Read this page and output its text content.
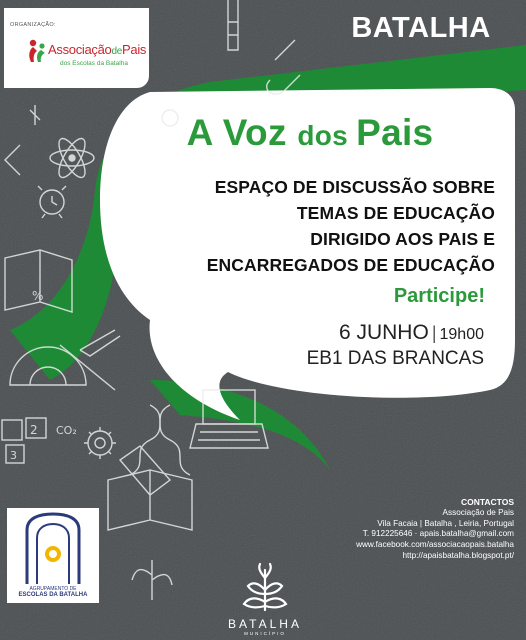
%
2
3
CO₂
ORGANIZAÇÃO:
AssociaçãodePais
dos Escolas da Batalha
BATALHA
A Voz dos Pais
ESPAÇO DE DISCUSSÃO SOBRE
TEMAS DE EDUCAÇÃO
DIRIGIDO AOS PAIS E
ENCARREGADOS DE EDUCAÇÃO
Participe!
6 JUNHO | 19h00
EB1 DAS BRANCAS
CONTACTOS
Associação de Pais
Vila Facaia | Batalha , Leiria, Portugal
T. 912225646 · apais.batalha@gmail.com
www.facebook.com/associacaopais.batalha
http://apaisbatalha.blogspot.pt/
AGRUPAMENTO DE
ESCOLAS DA BATALHA
BATALHA
MUNICÍPIO
